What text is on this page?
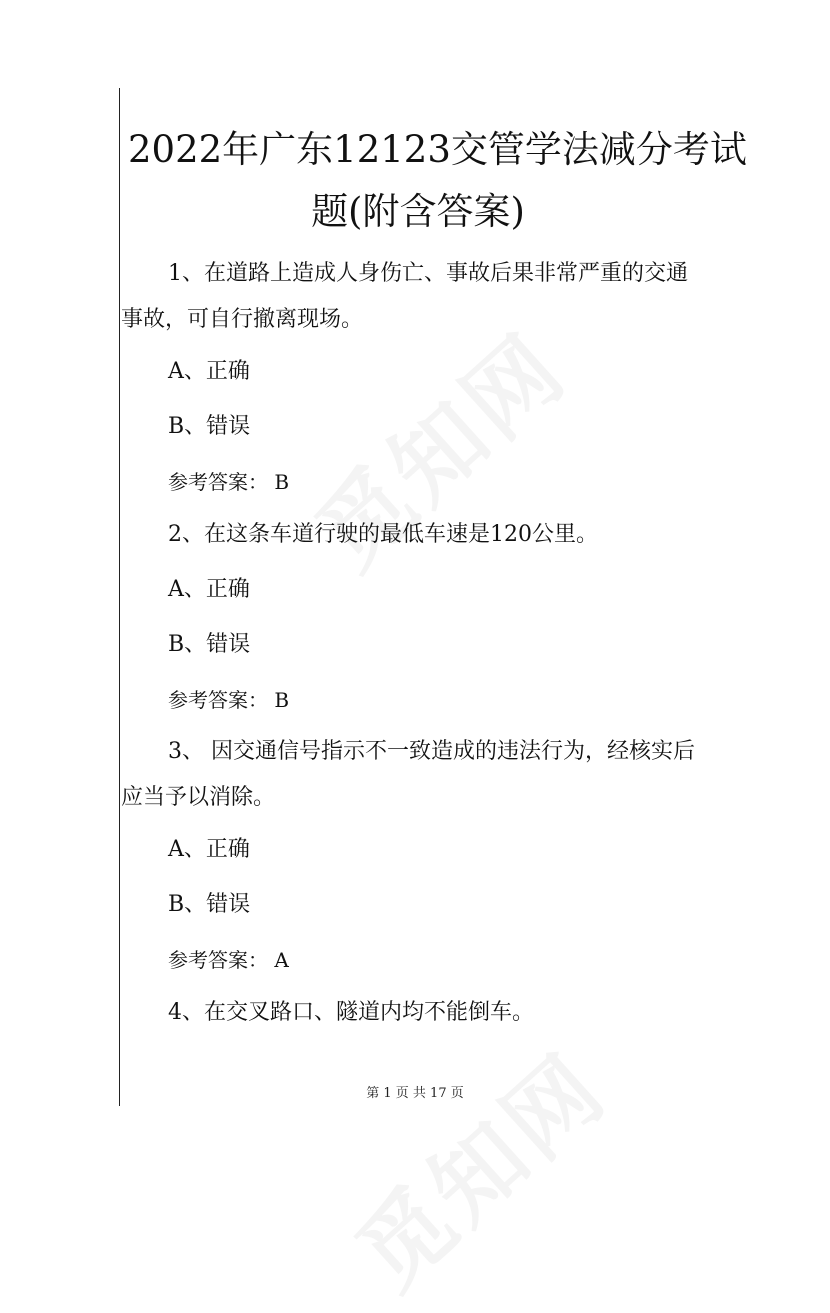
2022年广东12123交管学法减分考试
题(附含答案)
1、在道路上造成人身伤亡、事故后果非常严重的交通
事故，可自行撤离现场。
A、正确
B、错误
参考答案： B
2、在这条车道行驶的最低车速是120公里。
A、正确
B、错误
参考答案： B
3、 因交通信号指示不一致造成的违法行为，经核实后
应当予以消除。
A、正确
B、错误
参考答案： A
4、在交叉路口、隧道内均不能倒车。
第 1 页 共 17 页
